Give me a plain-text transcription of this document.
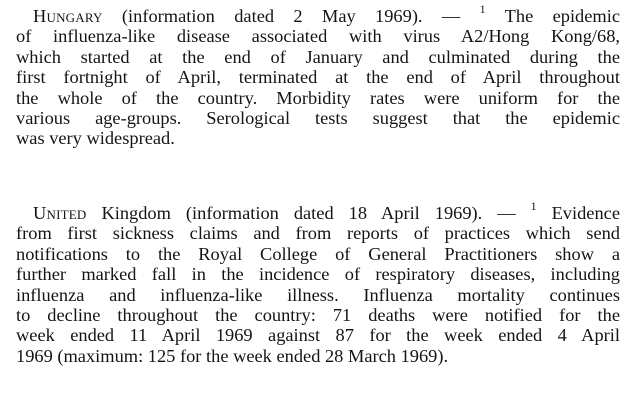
Hungary (information dated 2 May 1969). — $^1$ The epidemic
of influenza-like disease associated with virus A2/Hong Kong/68,
which started at the end of January and culminated during the
first fortnight of April, terminated at the end of April throughout
the whole of the country. Morbidity rates were uniform for the
various age-groups. Serological tests suggest that the epidemic
was very widespread.
United Kingdom (information dated 18 April 1969). — $^1$ Evidence
from first sickness claims and from reports of practices which send
notifications to the Royal College of General Practitioners show a
further marked fall in the incidence of respiratory diseases, including
influenza and influenza-like illness. Influenza mortality continues
to decline throughout the country: 71 deaths were notified for the
week ended 11 April 1969 against 87 for the week ended 4 April
1969 (maximum: 125 for the week ended 28 March 1969).
